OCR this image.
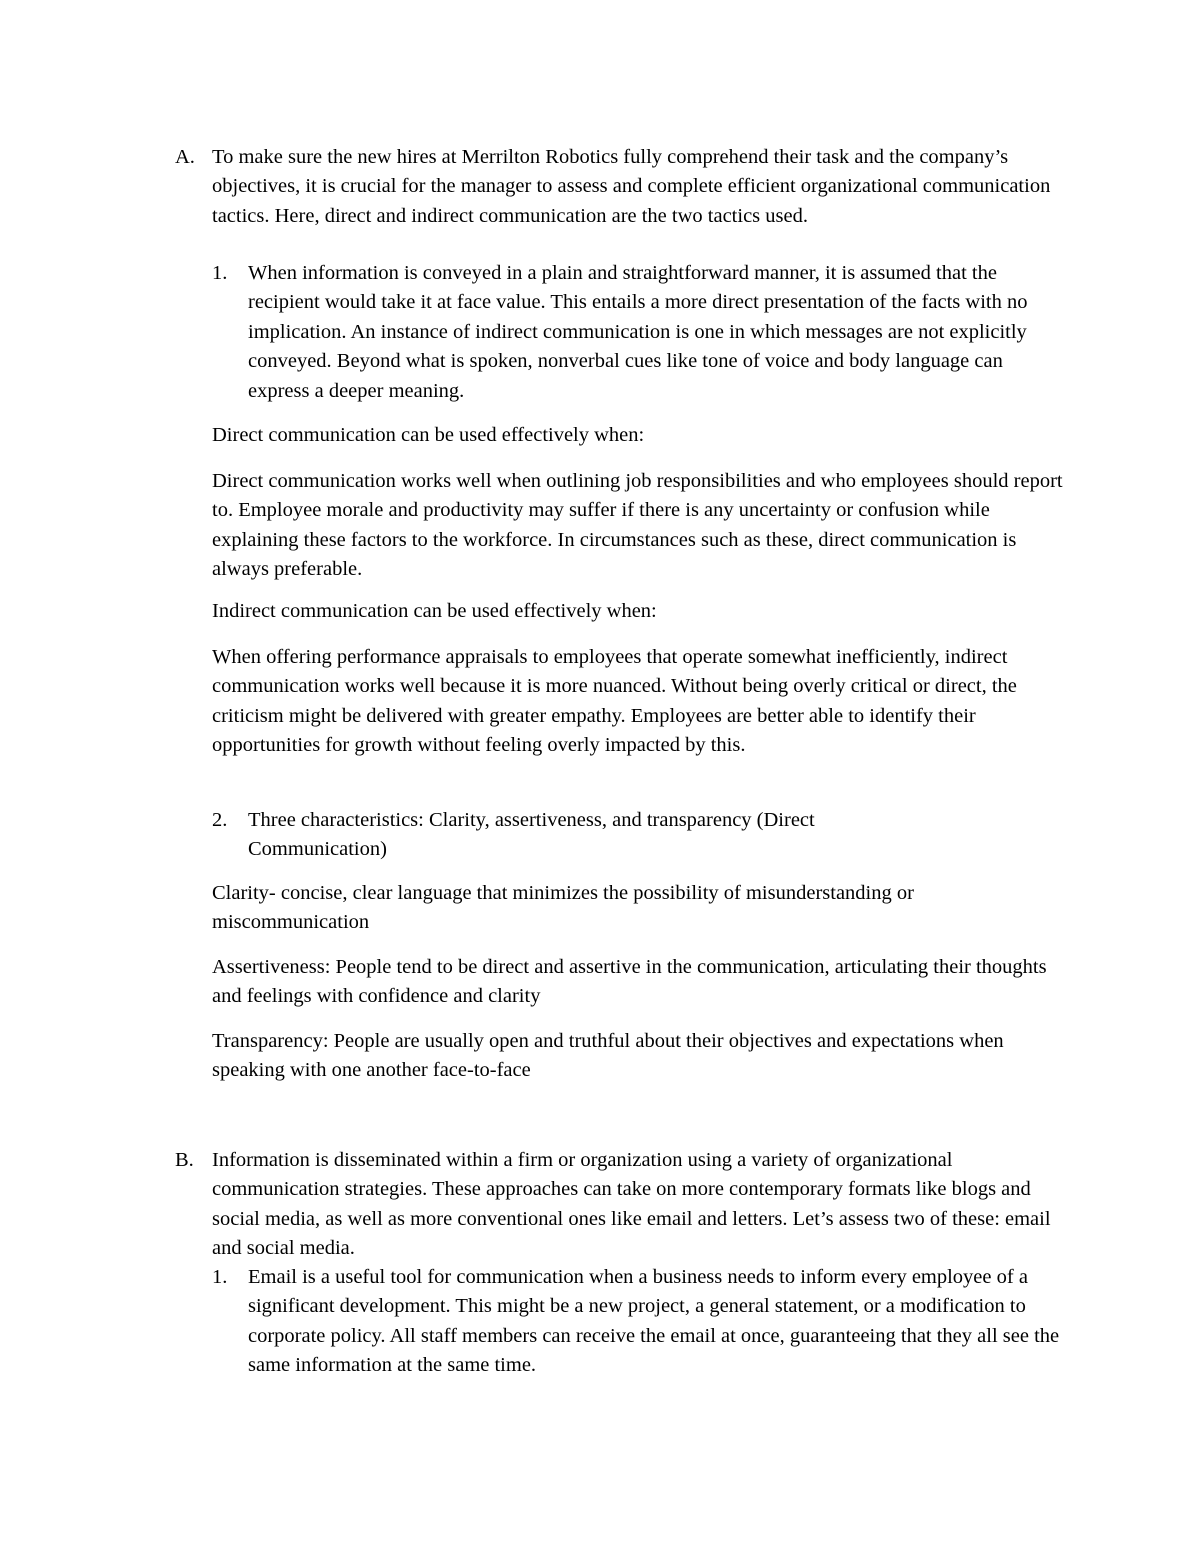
A. To make sure the new hires at Merrilton Robotics fully comprehend their task and the company’s objectives, it is crucial for the manager to assess and complete efficient organizational communication tactics. Here, direct and indirect communication are the two tactics used.

1. When information is conveyed in a plain and straightforward manner, it is assumed that the recipient would take it at face value. This entails a more direct presentation of the facts with no implication. An instance of indirect communication is one in which messages are not explicitly conveyed. Beyond what is spoken, nonverbal cues like tone of voice and body language can express a deeper meaning.

Direct communication can be used effectively when:

Direct communication works well when outlining job responsibilities and who employees should report to. Employee morale and productivity may suffer if there is any uncertainty or confusion while explaining these factors to the workforce. In circumstances such as these, direct communication is always preferable.

Indirect communication can be used effectively when:

When offering performance appraisals to employees that operate somewhat inefficiently, indirect communication works well because it is more nuanced. Without being overly critical or direct, the criticism might be delivered with greater empathy. Employees are better able to identify their opportunities for growth without feeling overly impacted by this.

2. Three characteristics: Clarity, assertiveness, and transparency (Direct Communication)

Clarity- concise, clear language that minimizes the possibility of misunderstanding or miscommunication

Assertiveness: People tend to be direct and assertive in the communication, articulating their thoughts and feelings with confidence and clarity

Transparency: People are usually open and truthful about their objectives and expectations when speaking with one another face-to-face

B. Information is disseminated within a firm or organization using a variety of organizational communication strategies. These approaches can take on more contemporary formats like blogs and social media, as well as more conventional ones like email and letters. Let’s assess two of these: email and social media.

1. Email is a useful tool for communication when a business needs to inform every employee of a significant development. This might be a new project, a general statement, or a modification to corporate policy. All staff members can receive the email at once, guaranteeing that they all see the same information at the same time.
